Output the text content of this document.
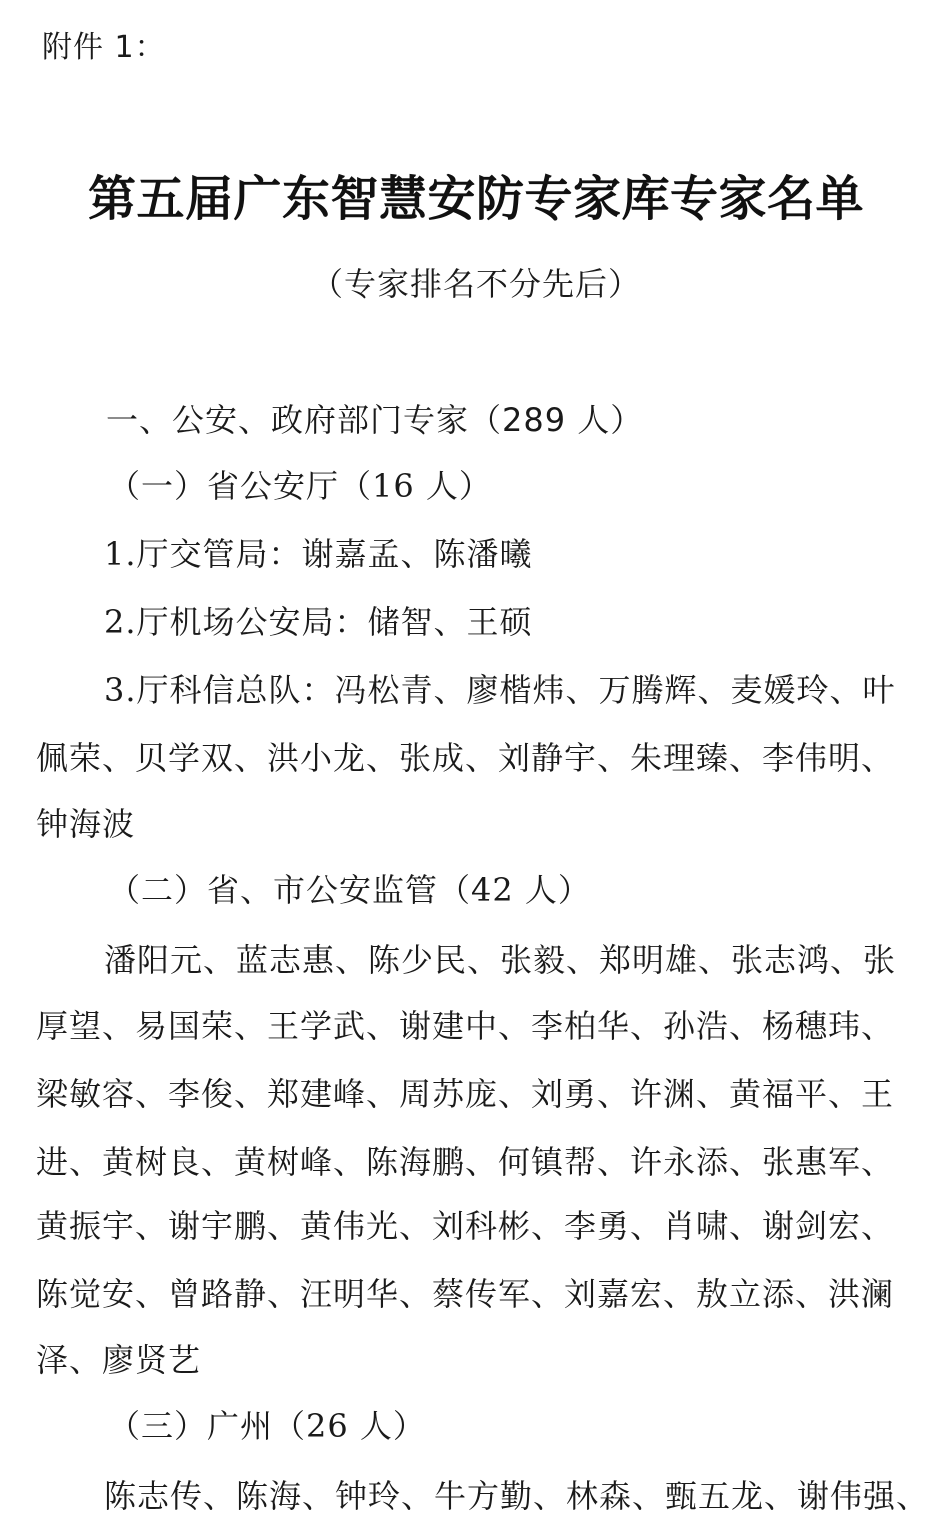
附件 1：
第五届广东智慧安防专家库专家名单
（专家排名不分先后）
一、公安、政府部门专家（289 人）
（一）省公安厅（16 人）
1.厅交管局：谢嘉孟、陈潘曦
2.厅机场公安局：储智、王硕
3.厅科信总队：冯松青、廖楷炜、万腾辉、麦媛玲、叶
佩荣、贝学双、洪小龙、张成、刘静宇、朱理臻、李伟明、
钟海波
（二）省、市公安监管（42 人）
潘阳元、蓝志惠、陈少民、张毅、郑明雄、张志鸿、张
厚望、易国荣、王学武、谢建中、李柏华、孙浩、杨穗玮、
梁敏容、李俊、郑建峰、周苏庞、刘勇、许渊、黄福平、王
进、黄树良、黄树峰、陈海鹏、何镇帮、许永添、张惠军、
黄振宇、谢宇鹏、黄伟光、刘科彬、李勇、肖啸、谢剑宏、
陈觉安、曾路静、汪明华、蔡传军、刘嘉宏、敖立添、洪澜
泽、廖贤艺
（三）广州（26 人）
陈志传、陈海、钟玲、牛方勤、林森、甄五龙、谢伟强、
